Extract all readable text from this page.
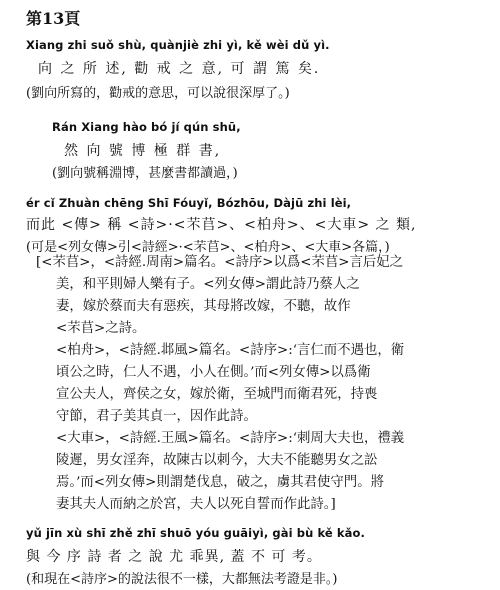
第13頁
Xiang zhi suǒ shù, quànjiè zhi yì, kě wèi dǔ yì.
向 之 所 述, 勸 戒 之 意, 可 謂 篤 矣.
(劉向所寫的，勸戒的意思，可以說很深厚了。)
Rán Xiang hào bó jí qún shū,
然 向 號 博 極 群 書,
(劉向號稱淵博，甚麼書都讀過，)
ér cǐ Zhuàn chēng Shī Fóuyǐ, Bózhōu, Dàjū zhi lèi,
而此 <傳> 稱 <詩>·<芣苢>、<柏舟>、<大車> 之 類,
(可是<列女傳>引<詩經>·<芣苢>、<柏舟>、<大車>各篇，)
[<芣苢>，<詩經.周南>篇名。<詩序>以爲<芣苢>言后妃之
美，和平則婦人樂有子。<列女傳>謂此詩乃蔡人之
妻，嫁於蔡而夫有惡疾，其母將改嫁，不聽，故作
<芣苢>之詩。
<柏舟>，<詩經.邶風>篇名。<詩序>:‘言仁而不遇也，衛
頃公之時，仁人不遇，小人在側。’而<列女傳>以爲衛
宣公夫人，齊侯之女，嫁於衛，至城門而衛君死，持喪
守節，君子美其貞一，因作此詩。
<大車>，<詩經.王風>篇名。<詩序>:‘刺周大夫也，禮義
陵遲，男女淫奔，故陳古以刺今，大夫不能聽男女之訟
焉。’而<列女傳>則謂楚伐息，破之，虜其君使守門。將
妻其夫人而納之於宮，夫人以死自誓而作此詩。]
yǔ jīn xù shī zhě zhī shuō yóu guāiyì, gài bù kě kǎo.
與 今 序 詩 者 之 說 尤 乖異, 蓋 不 可 考。
(和現在<詩序>的說法很不一樣，大都無法考證是非。)
